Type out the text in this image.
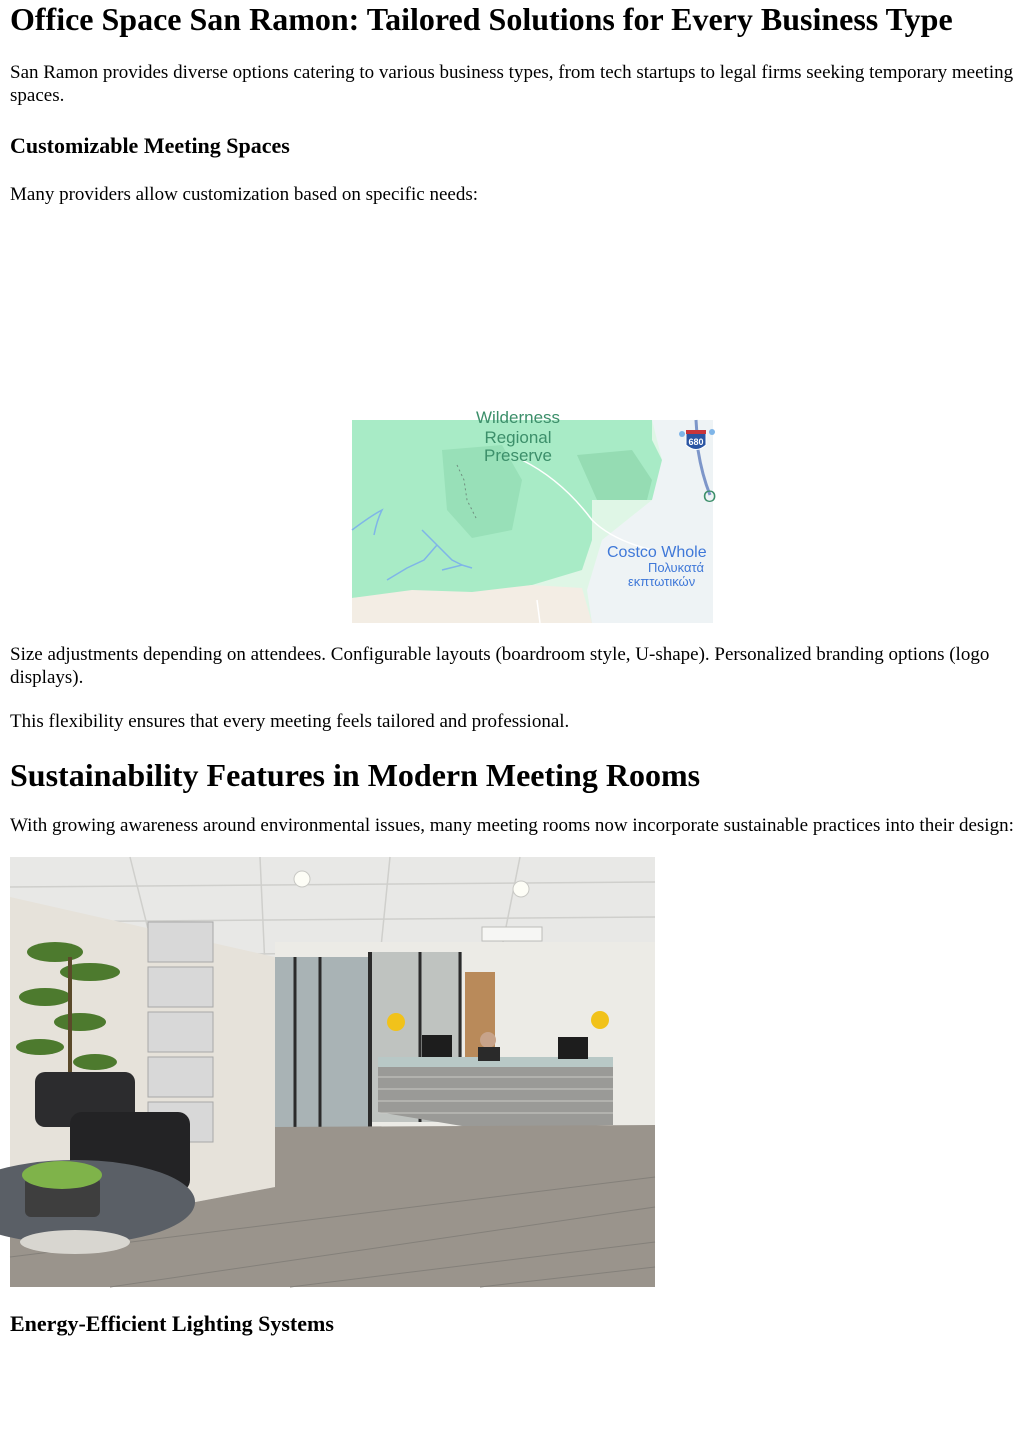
Office Space San Ramon: Tailored Solutions for Every Business Type

San Ramon provides diverse options catering to various business types, from tech startups to legal firms seeking temporary meeting spaces.

Customizable Meeting Spaces

Many providers allow customization based on specific needs:

680
Wilderness
Regional
Preserve
O
Costco Whole
Πολυκατά
εκπτωτικών

Size adjustments depending on attendees. Configurable layouts (boardroom style, U-shape). Personalized branding options (logo displays).

This flexibility ensures that every meeting feels tailored and professional.

Sustainability Features in Modern Meeting Rooms

With growing awareness around environmental issues, many meeting rooms now incorporate sustainable practices into their design:

Energy-Efficient Lighting Systems
